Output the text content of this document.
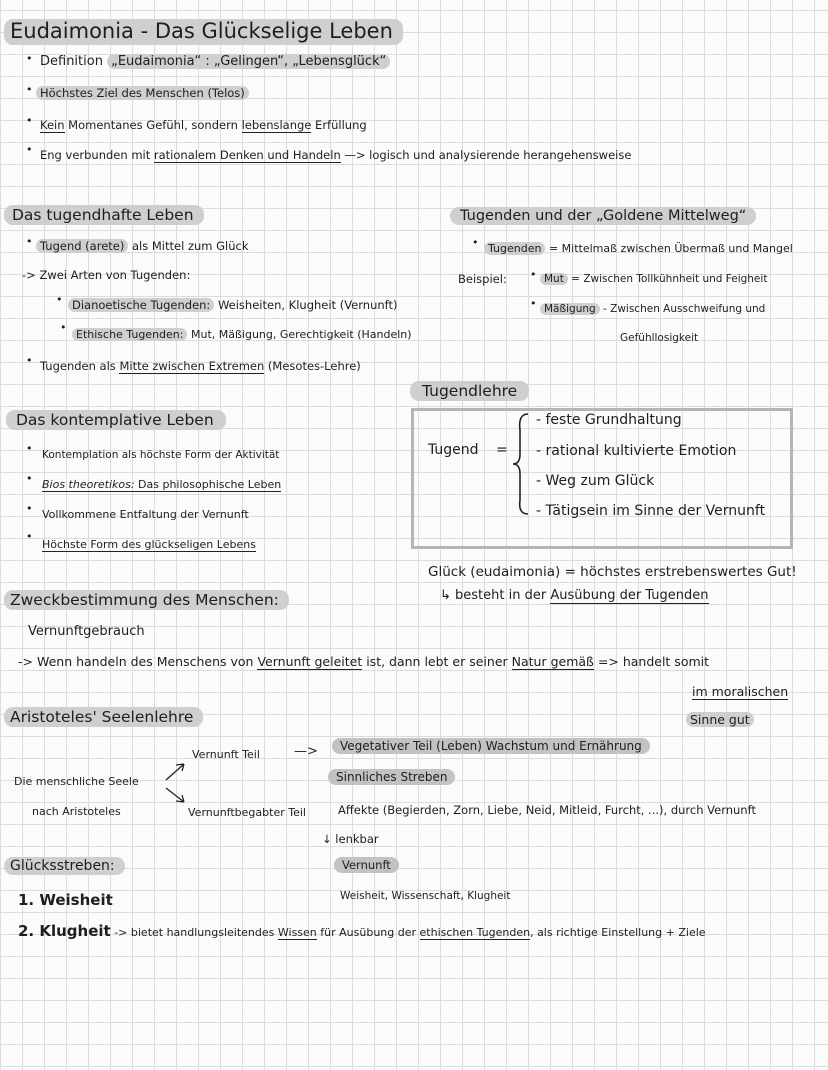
Eudaimonia - Das Glückselige Leben
• Definition „Eudaimonia“ : „Gelingen“, „Lebensglück“
• Höchstes Ziel des Menschen (Telos)
• Kein Momentanes Gefühl, sondern lebenslange Erfüllung
• Eng verbunden mit rationalem Denken und Handeln —> logisch und analysierende herangehensweise
Das tugendhafte Leben
• Tugend (arete) als Mittel zum Glück
-> Zwei Arten von Tugenden:
• Dianoetische Tugenden: Weisheiten, Klugheit (Vernunft)
•
Ethische Tugenden: Mut, Mäßigung, Gerechtigkeit (Handeln)
• Tugenden als Mitte zwischen Extremen (Mesotes-Lehre)
Tugenden und der „Goldene Mittelweg“
• Tugenden = Mittelmaß zwischen Übermaß und Mangel
Beispiel: • Mut = Zwischen Tollkühnheit und Feigheit
• Mäßigung - Zwischen Ausschweifung und
Gefühllosigkeit
Tugendlehre
Tugend =
- feste Grundhaltung
- rational kultivierte Emotion
- Weg zum Glück
- Tätigsein im Sinne der Vernunft
Glück (eudaimonia) = höchstes erstrebenswertes Gut!
↳ besteht in der Ausübung der Tugenden
Das kontemplative Leben
• Kontemplation als höchste Form der Aktivität
• Bios theoretikos: Das philosophische Leben
• Vollkommene Entfaltung der Vernunft
•
Höchste Form des glückseligen Lebens
Zweckbestimmung des Menschen:
Vernunftgebrauch
-> Wenn handeln des Menschens von Vernunft geleitet ist, dann lebt er seiner Natur gemäß => handelt somit
im moralischen
Sinne gut
Aristoteles' Seelenlehre
Die menschliche Seele
nach Aristoteles
Vernunft Teil	—>	Vegetativer Teil (Leben) Wachstum und Ernährung
Sinnliches Streben
Vernunftbegabter Teil	Affekte (Begierden, Zorn, Liebe, Neid, Mitleid, Furcht, ...), durch Vernunft
↓ lenkbar
Vernunft
Weisheit, Wissenschaft, Klugheit
Glücksstreben:
1. Weisheit
2. Klugheit -> bietet handlungsleitendes Wissen für Ausübung der ethischen Tugenden, als richtige Einstellung + Ziele
